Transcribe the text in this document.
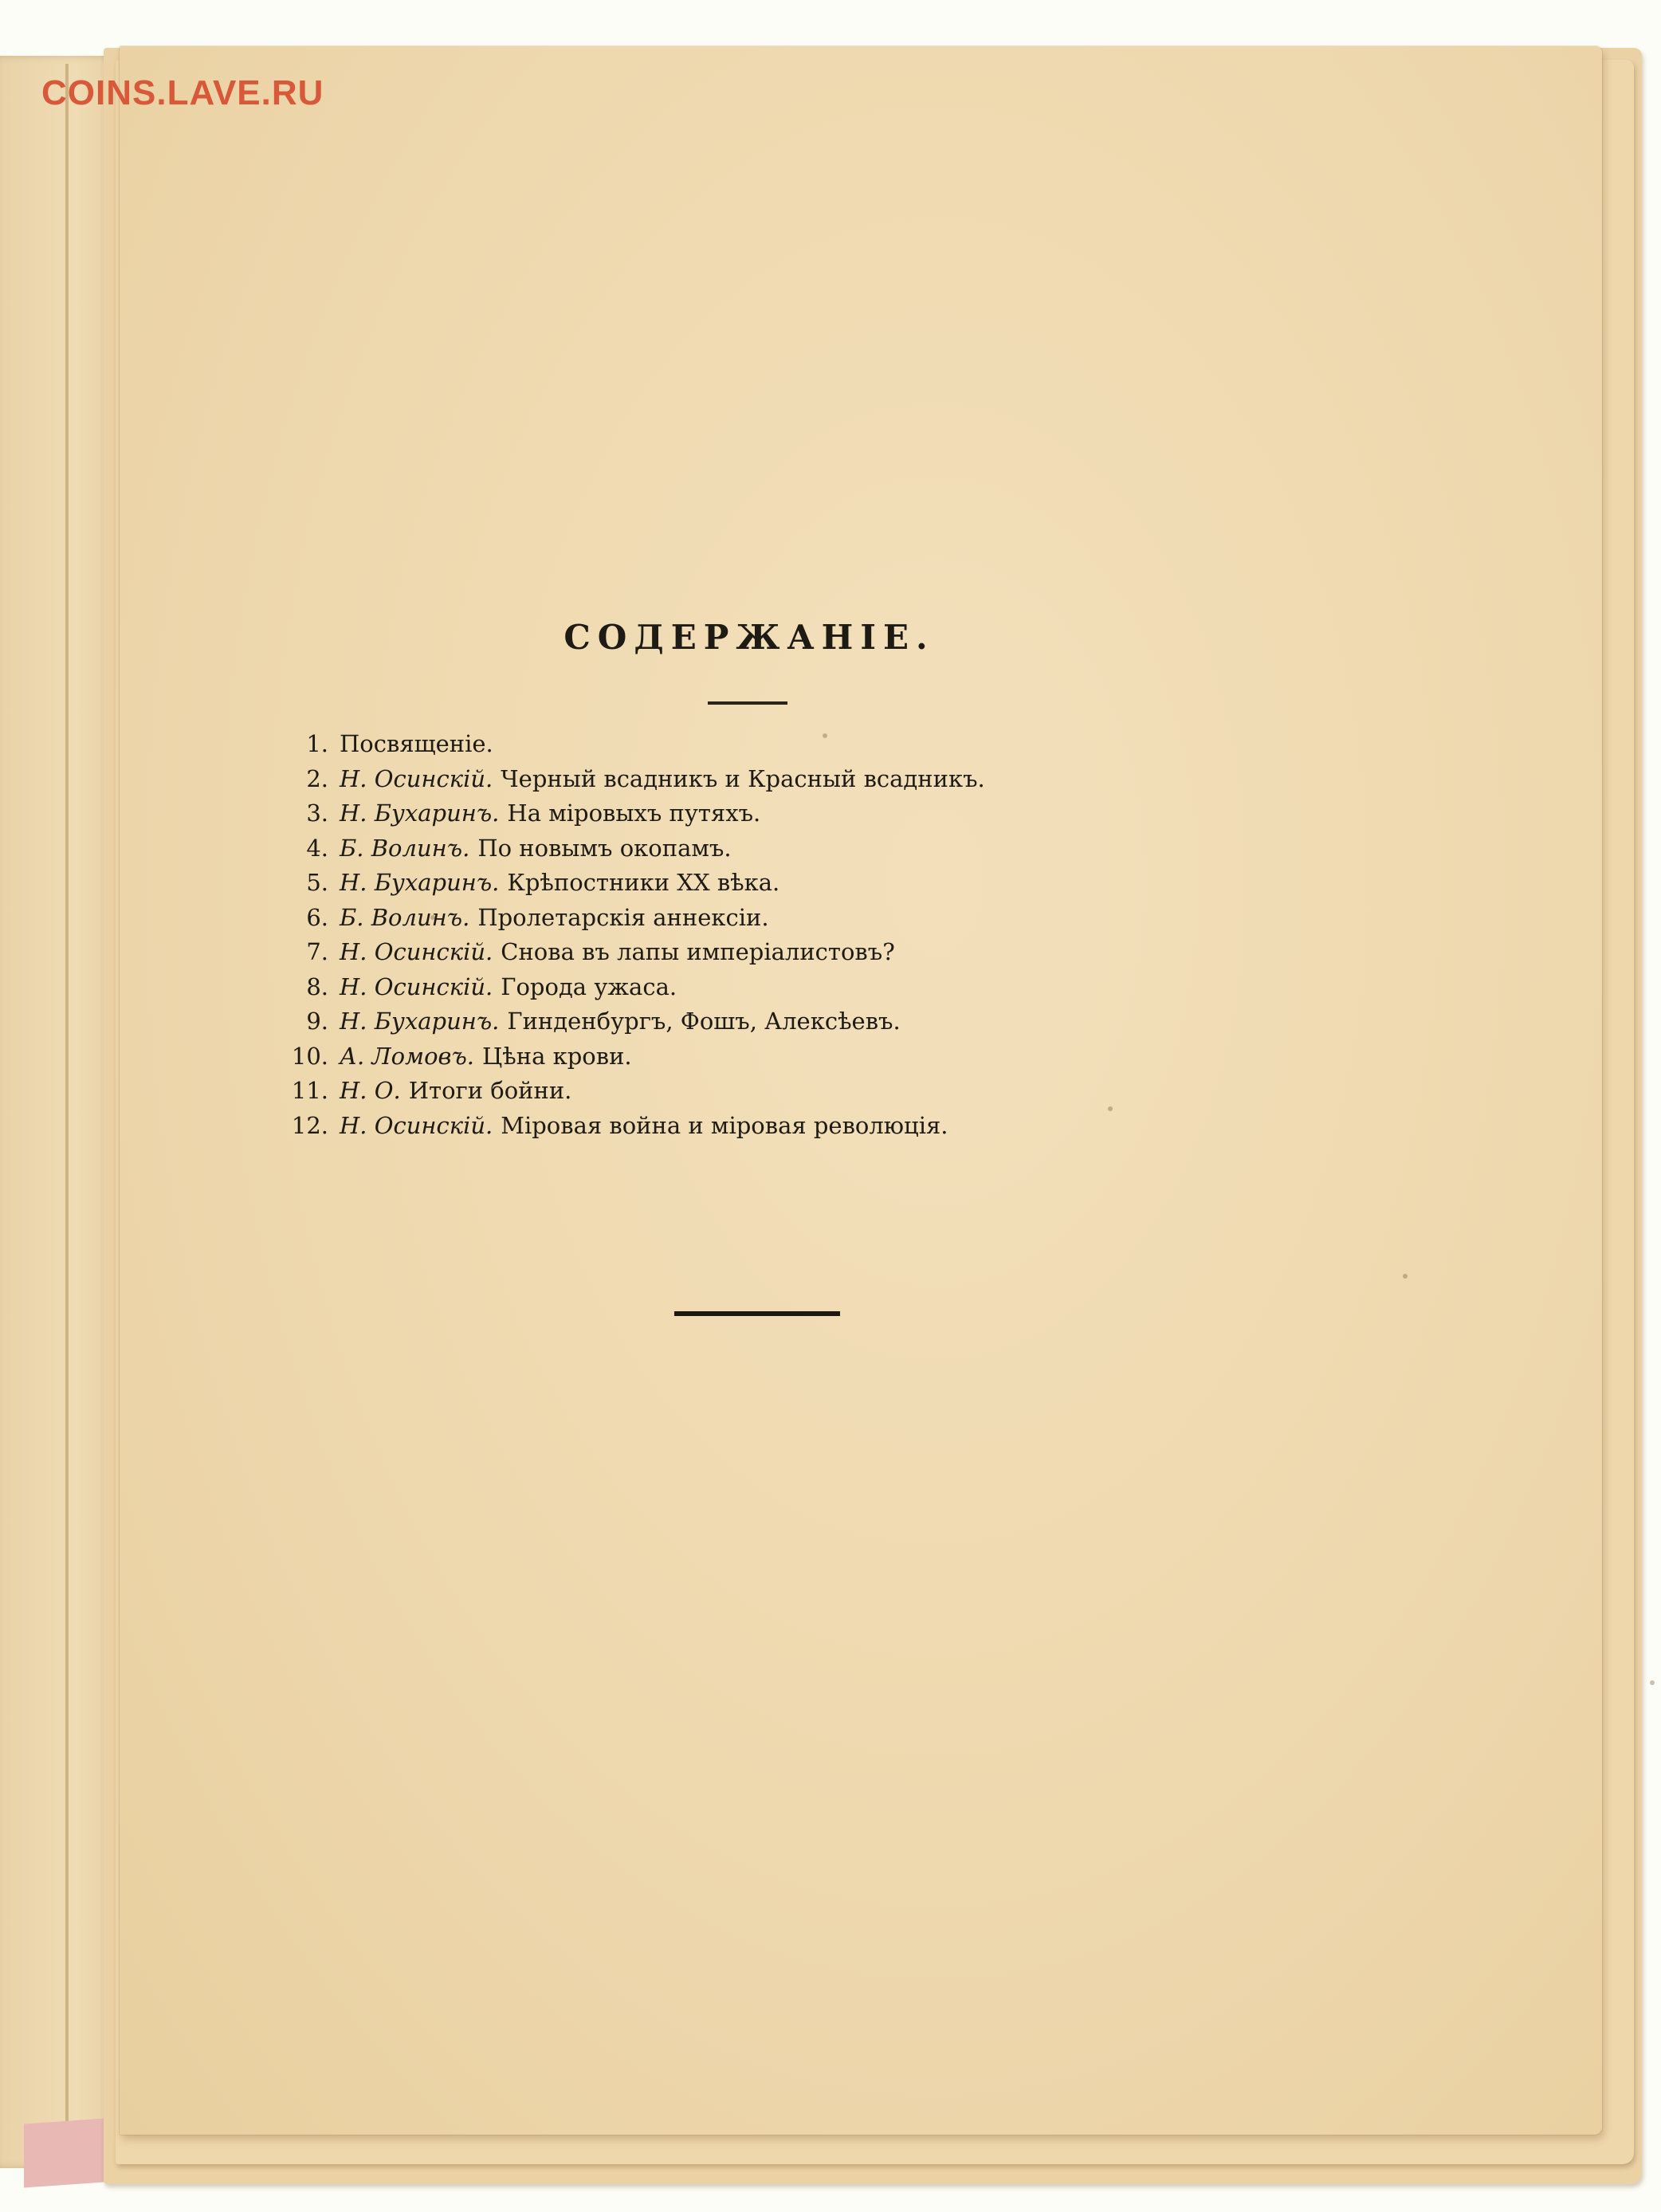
COINS.LAVE.RU
СОДЕРЖАНІЕ.
1. Посвященіе.
2. Н. Осинскій. Черный всадникъ и Красный всадникъ.
3. Н. Бухаринъ. На міровыхъ путяхъ.
4. Б. Волинъ. По новымъ окопамъ.
5. Н. Бухаринъ. Крѣпостники XX вѣка.
6. Б. Волинъ. Пролетарскія аннексіи.
7. Н. Осинскій. Снова въ лапы имперіалистовъ?
8. Н. Осинскій. Города ужаса.
9. Н. Бухаринъ. Гинденбургъ, Фошъ, Алексѣевъ.
10. А. Ломовъ. Цѣна крови.
11. Н. О. Итоги бойни.
12. Н. Осинскій. Міровая война и міровая революція.
